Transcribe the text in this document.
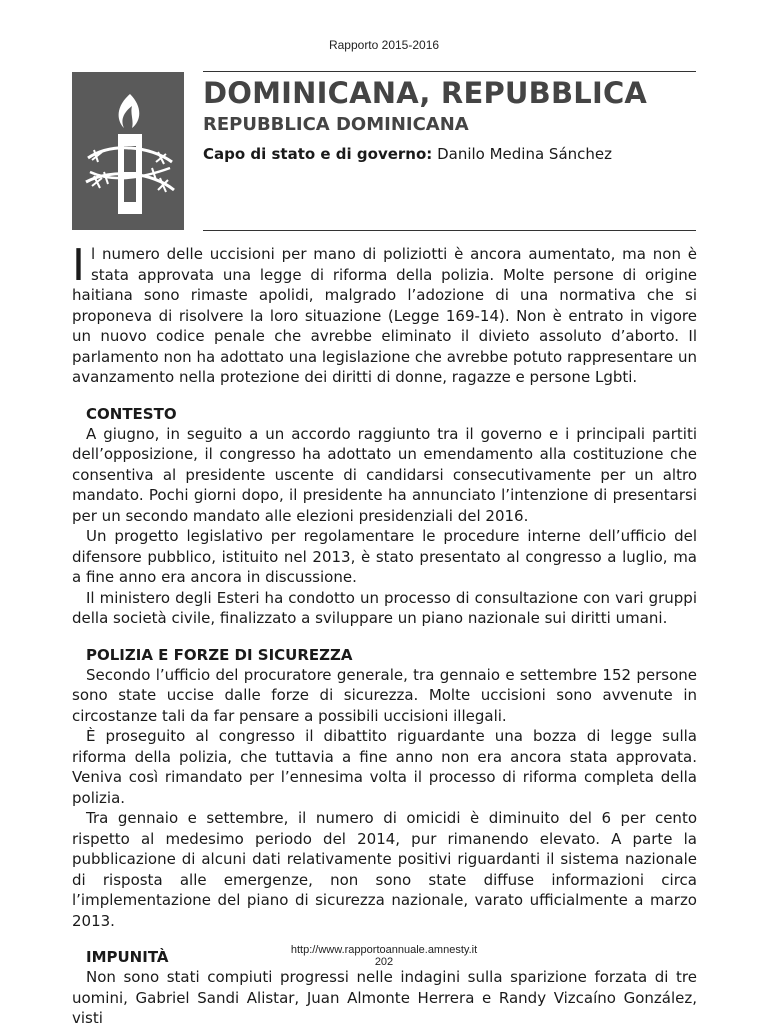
Rapporto 2015-2016
DOMINICANA, REPUBBLICA
REPUBBLICA DOMINICANA

Capo di stato e di governo: Danilo Medina Sánchez

Il numero delle uccisioni per mano di poliziotti è ancora aumentato, ma non è stata approvata una legge di riforma della polizia. Molte persone di origine haitiana sono rimaste apolidi, malgrado l’adozione di una normativa che si proponeva di risolvere la loro situazione (Legge 169-14). Non è entrato in vigore un nuovo codice penale che avrebbe eliminato il divieto assoluto d’aborto. Il parlamento non ha adottato una legislazione che avrebbe potuto rappresentare un avanzamento nella protezione dei diritti di donne, ragazze e persone Lgbti.

CONTESTO

A giugno, in seguito a un accordo raggiunto tra il governo e i principali partiti dell’opposizione, il congresso ha adottato un emendamento alla costituzione che consentiva al presidente uscente di candidarsi consecutivamente per un altro mandato. Pochi giorni dopo, il presidente ha annunciato l’intenzione di presentarsi per un secondo mandato alle elezioni presidenziali del 2016.

Un progetto legislativo per regolamentare le procedure interne dell’ufficio del difensore pubblico, istituito nel 2013, è stato presentato al congresso a luglio, ma a fine anno era ancora in discussione.

Il ministero degli Esteri ha condotto un processo di consultazione con vari gruppi della società civile, finalizzato a sviluppare un piano nazionale sui diritti umani.

POLIZIA E FORZE DI SICUREZZA

Secondo l’ufficio del procuratore generale, tra gennaio e settembre 152 persone sono state uccise dalle forze di sicurezza. Molte uccisioni sono avvenute in circostanze tali da far pensare a possibili uccisioni illegali.

È proseguito al congresso il dibattito riguardante una bozza di legge sulla riforma della polizia, che tuttavia a fine anno non era ancora stata approvata. Veniva così rimandato per l’ennesima volta il processo di riforma completa della polizia.

Tra gennaio e settembre, il numero di omicidi è diminuito del 6 per cento rispetto al medesimo periodo del 2014, pur rimanendo elevato. A parte la pubblicazione di alcuni dati relativamente positivi riguardanti il sistema nazionale di risposta alle emergenze, non sono state diffuse informazioni circa l’implementazione del piano di sicurezza nazionale, varato ufficialmente a marzo 2013.

IMPUNITÀ

Non sono stati compiuti progressi nelle indagini sulla sparizione forzata di tre uomini, Gabriel Sandi Alistar, Juan Almonte Herrera e Randy Vizcaíno González, visti

http://www.rapportoannuale.amnesty.it
202
